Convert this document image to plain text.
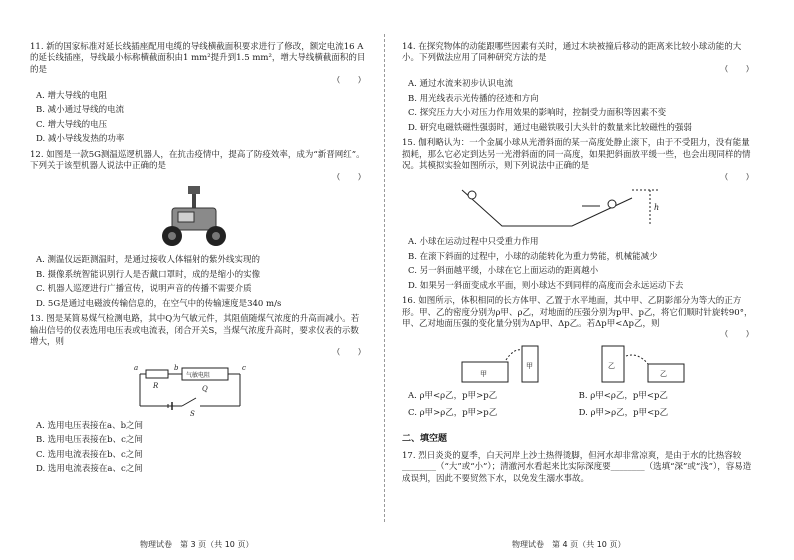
11. 新的国家标准对延长线插座配用电缆的导线横截面积要求进行了修改，额定电流16 A的延长线插座，导线最小标称横截面积由1 mm²提升到1.5 mm²，增大导线横截面积的目的是
（　　）
A. 增大导线的电阻
B. 减小通过导线的电流
C. 增大导线的电压
D. 减小导线发热的功率
12. 如图是一款5G测温巡逻机器人，在抗击疫情中，提高了防疫效率，成为“新晋网红”。下列关于该型机器人说法中正确的是
（　　）
A. 测温仪远距测温时，是通过接收人体辐射的紫外线实现的
B. 摄像系统智能识别行人是否戴口罩时，成的是缩小的实像
C. 机器人巡逻进行广播宣传，说明声音的传播不需要介质
D. 5G是通过电磁波传输信息的，在空气中的传输速度是340 m/s
13. 图是某简易煤气检测电路，其中Q为气敏元件，其阻值随煤气浓度的升高而减小。若输出信号的仪表选用电压表或电流表，闭合开关S，当煤气浓度升高时，要求仪表的示数增大，则
（　　）
a	b	c
R
气敏电阻
Q
S
A. 选用电压表接在a、b之间
B. 选用电压表接在b、c之间
C. 选用电流表接在b、c之间
D. 选用电流表接在a、c之间
物理试卷　第 3 页（共 10 页）
14. 在探究物体的动能跟哪些因素有关时，通过木块被撞后移动的距离来比较小球动能的大小。下列做法应用了同种研究方法的是
（　　）
A. 通过水流来初步认识电流
B. 用光线表示光传播的径迹和方向
C. 探究压力大小对压力作用效果的影响时，控制受力面积等因素不变
D. 研究电磁铁磁性强弱时，通过电磁铁吸引大头针的数量来比较磁性的强弱
15. 伽利略认为：一个金属小球从光滑斜面的某一高度处静止滚下，由于不受阻力，没有能量损耗，那么它必定到达另一光滑斜面的同一高度，如果把斜面放平缓一些，也会出现同样的情况。其模拟实验如图所示，则下列说法中正确的是
（　　）
h
A. 小球在运动过程中只受重力作用
B. 在滚下斜面的过程中，小球的动能转化为重力势能，机械能减少
C. 另一斜面越平缓，小球在它上面运动的距离越小
D. 如果另一斜面变成水平面，则小球达不到同样的高度而会永远运动下去
16. 如图所示，体积相同的长方体甲、乙置于水平地面，其中甲、乙阴影部分为等大的正方形。甲、乙的密度分别为ρ甲、ρ乙，对地面的压强分别为p甲、p乙，将它们顺时针旋转90°，甲、乙对地面压强的变化量分别为Δp甲、Δp乙。若Δp甲<Δp乙，则
（　　）
甲
甲	乙
乙
A. ρ甲<ρ乙，p甲>p乙	B. ρ甲<ρ乙，p甲<p乙 C. ρ甲>ρ乙，p甲>p乙	D. ρ甲>ρ乙，p甲<p乙
二、填空题
17. 烈日炎炎的夏季，白天河岸上沙土热得烫脚，但河水却非常凉爽，是由于水的比热容较________（“大”或“小”）；清澈河水看起来比实际深度要________（选填“深”或“浅”），容易造成误判，因此不要贸然下水，以免发生溺水事故。
物理试卷　第 4 页（共 10 页）
